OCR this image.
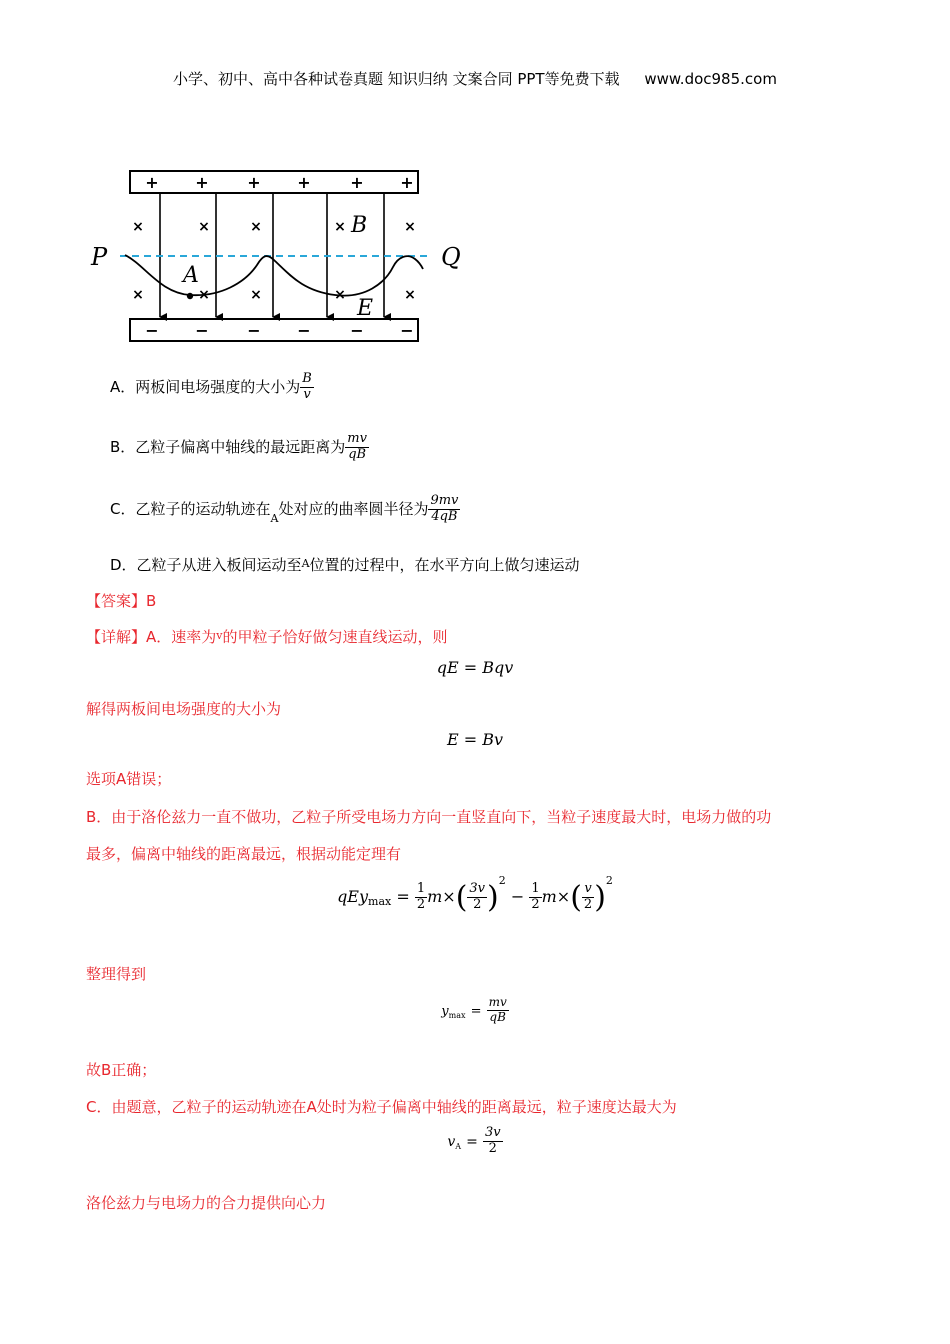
小学、初中、高中各种试卷真题 知识归纳 文案合同 PPT等免费下载 www.doc985.com
+ + + + + +
− − − − − −
×	×	×	×	×
×	×	×	×	×
P	Q
A
B
E
A．两板间电场强度的大小为 $\frac{B}{v}$
B．乙粒子偏离中轴线的最远距离为 $\frac{mv}{qB}$
C．乙粒子的运动轨迹在$_A$处对应的曲率圆半径为 $\frac{9mv}{4qB}$
D．乙粒子从进入板间运动至$^A$位置的过程中，在水平方向上做匀速运动
【答案】B
【详解】A．速率为$^v$的甲粒子恰好做匀速直线运动，则
qE = Bqv
解得两板间电场强度的大小为
E = Bv
选项A错误；
B．由于洛伦兹力一直不做功，乙粒子所受电场力方向一直竖直向下，当粒子速度最大时，电场力做的功
最多，偏离中轴线的距离最远，根据动能定理有
$qEy_{max} = \frac{1}{2} m\times( \frac{3v}{2} )^2 - \frac{1}{2} m\times( \frac{v}{2} )^2$
整理得到
$y_{max} = \frac{mv}{qB}$
故B正确；
C．由题意，乙粒子的运动轨迹在A处时为粒子偏离中轴线的距离最远，粒子速度达最大为
$v_A = \frac{3v}{2}$
洛伦兹力与电场力的合力提供向心力
